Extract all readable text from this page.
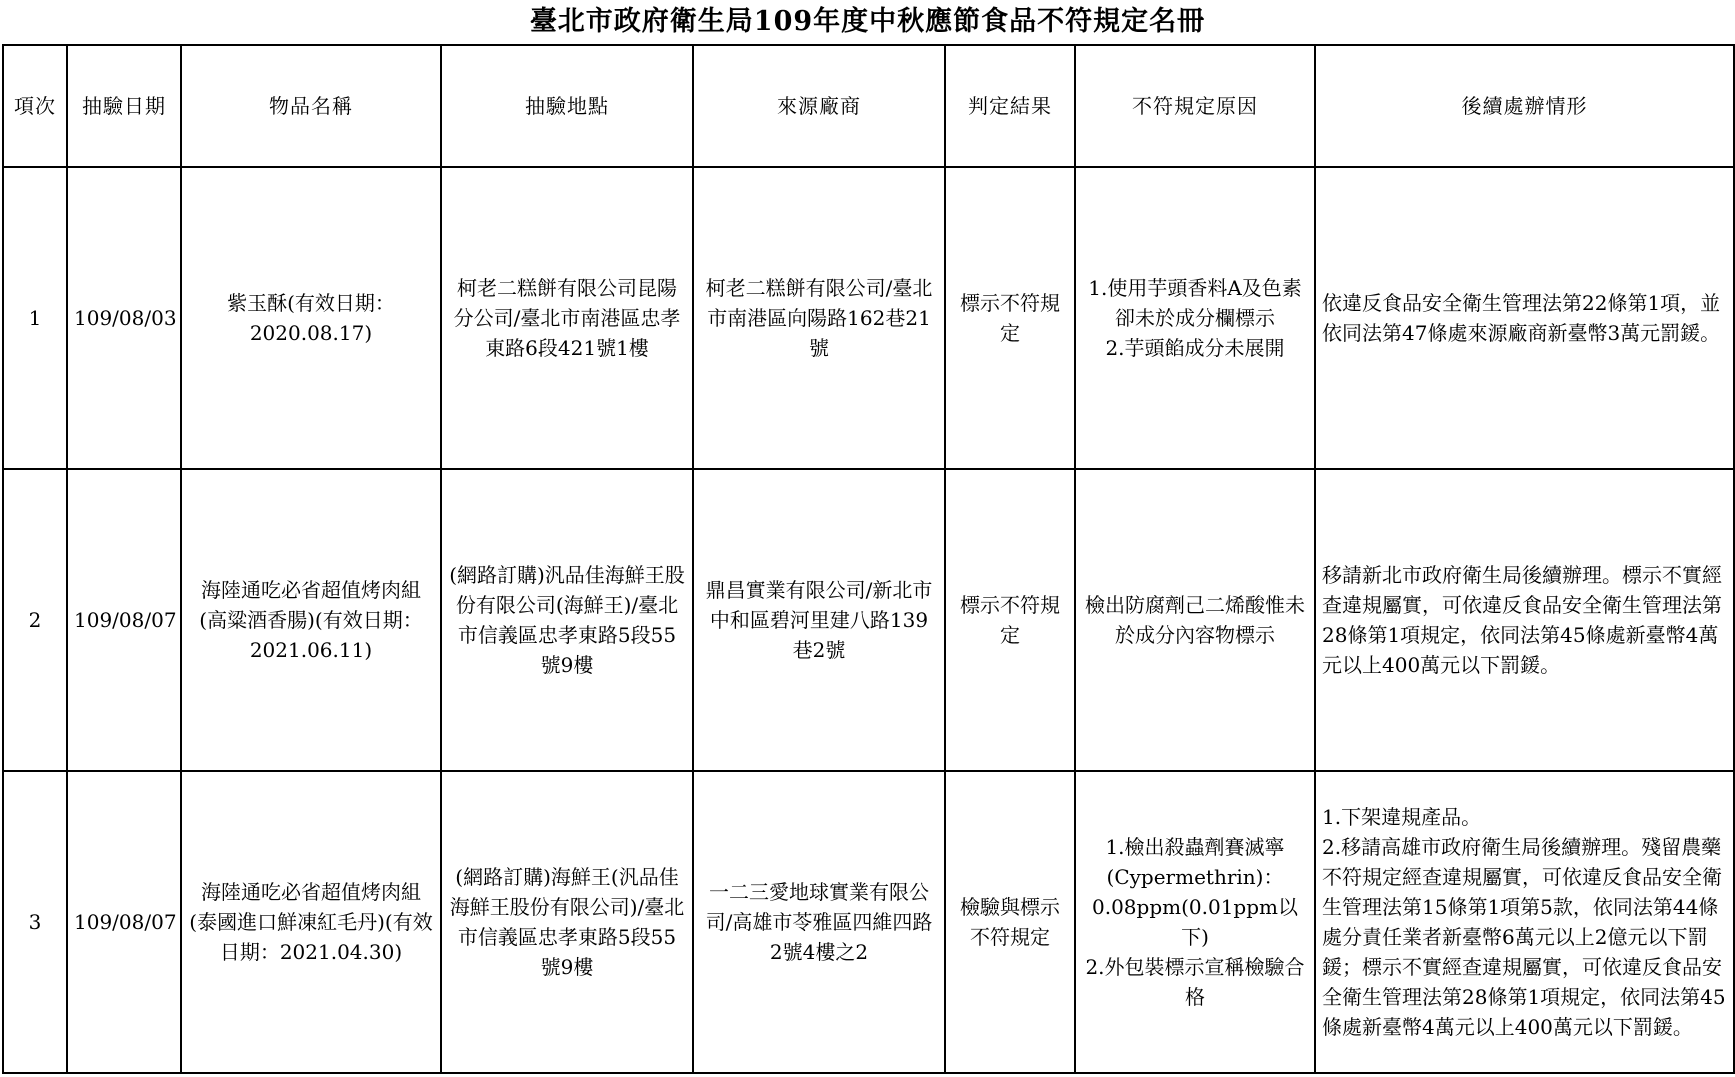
臺北市政府衛生局109年度中秋應節食品不符規定名冊
項次	抽驗日期	物品名稱	抽驗地點	來源廠商	判定結果	不符規定原因	後續處辦情形
1	109/08/03	紫玉酥(有效日期：2020.08.17)	柯老二糕餅有限公司昆陽分公司/臺北市南港區忠孝東路6段421號1樓	柯老二糕餅有限公司/臺北市南港區向陽路162巷21號	標示不符規定	1.使用芋頭香料A及色素卻未於成分欄標示
2.芋頭餡成分未展開	依違反食品安全衛生管理法第22條第1項，並依同法第47條處來源廠商新臺幣3萬元罰鍰。

2	109/08/07	海陸通吃必省超值烤肉組(高粱酒香腸)(有效日期：2021.06.11)	(網路訂購)汎品佳海鮮王股份有限公司(海鮮王)/臺北市信義區忠孝東路5段55號9樓	鼎昌實業有限公司/新北市中和區碧河里建八路139巷2號	標示不符規定	檢出防腐劑己二烯酸惟未於成分內容物標示	移請新北市政府衛生局後續辦理。標示不實經查違規屬實，可依違反食品安全衛生管理法第28條第1項規定，依同法第45條處新臺幣4萬元以上400萬元以下罰鍰。

3	109/08/07	海陸通吃必省超值烤肉組(泰國進口鮮凍紅毛丹)(有效日期：2021.04.30)	(網路訂購)海鮮王(汎品佳海鮮王股份有限公司)/臺北市信義區忠孝東路5段55號9樓	一二三愛地球實業有限公司/高雄市苓雅區四維四路2號4樓之2	檢驗與標示不符規定	1.檢出殺蟲劑賽滅寧(Cypermethrin)：0.08ppm(0.01ppm以下)
2.外包裝標示宣稱檢驗合格	1.下架違規產品。
2.移請高雄市政府衛生局後續辦理。殘留農藥不符規定經查違規屬實，可依違反食品安全衛生管理法第15條第1項第5款，依同法第44條處分責任業者新臺幣6萬元以上2億元以下罰鍰；標示不實經查違規屬實，可依違反食品安全衛生管理法第28條第1項規定，依同法第45條處新臺幣4萬元以上400萬元以下罰鍰。
